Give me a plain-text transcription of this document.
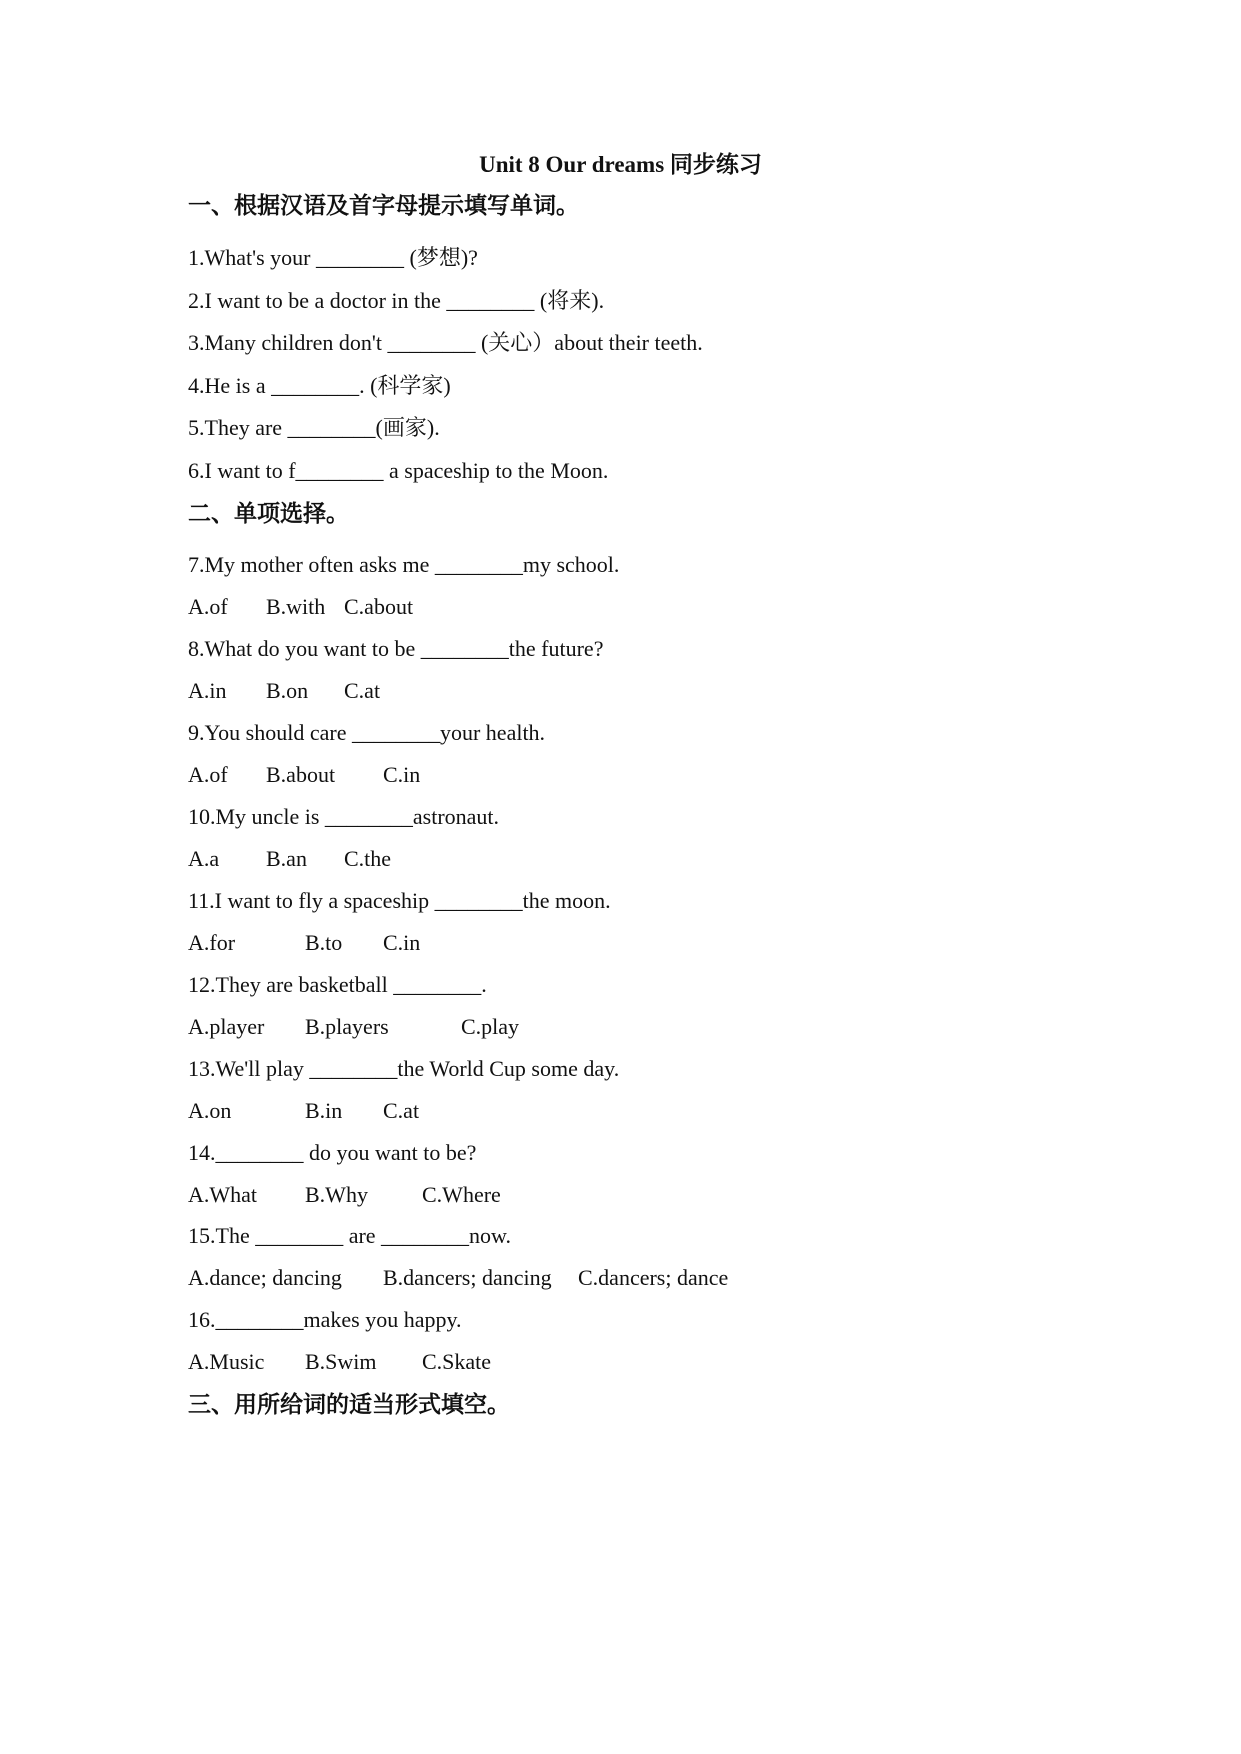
Unit 8 Our dreams 同步练习
一、根据汉语及首字母提示填写单词。
1.What's your ________ (梦想)?
2.I want to be a doctor in the ________ (将来).
3.Many children don't ________ (关心）about their teeth.
4.He is a ________. (科学家)
5.They are ________(画家).
6.I want to f________ a spaceship to the Moon.
二、单项选择。
7.My mother often asks me ________my school.
A.of B.with C.about
8.What do you want to be ________the future?
A.in B.on C.at
9.You should care ________your health.
A.of B.about C.in
10.My uncle is ________astronaut.
A.a B.an C.the
11.I want to fly a spaceship ________the moon.
A.for	B.to C.in
12.They are basketball ________.
A.player B.players	C.play
13.We'll play ________the World Cup some day.
A.on	B.in C.at
14.________ do you want to be?
A.What B.Why C.Where
15.The ________ are ________now.
A.dance; dancing B.dancers; dancing C.dancers; dance
16.________makes you happy.
A.Music B.Swim C.Skate
三、用所给词的适当形式填空。
